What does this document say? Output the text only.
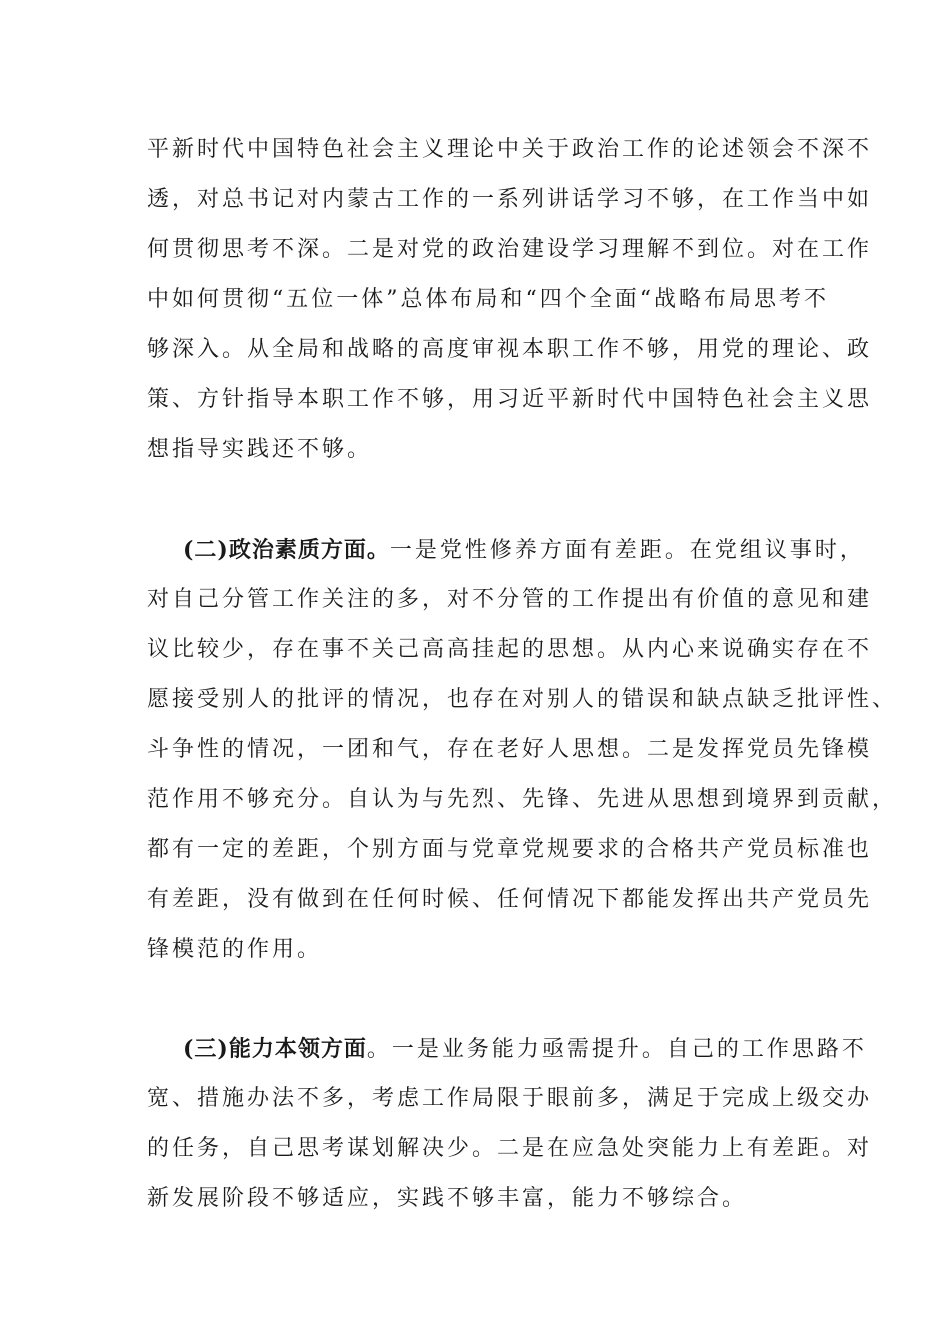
平新时代中国特色社会主义理论中关于政治工作的论述领会不深不
透，对总书记对内蒙古工作的一系列讲话学习不够，在工作当中如
何贯彻思考不深。二是对党的政治建设学习理解不到位。对在工作
中如何贯彻“五位一体”总体布局和“四个全面“战略布局思考不
够深入。从全局和战略的高度审视本职工作不够，用党的理论、政
策、方针指导本职工作不够，用习近平新时代中国特色社会主义思
想指导实践还不够。
(二)政治素质方面。一是党性修养方面有差距。在党组议事时，
对自己分管工作关注的多，对不分管的工作提出有价值的意见和建
议比较少，存在事不关己高高挂起的思想。从内心来说确实存在不
愿接受别人的批评的情况，也存在对别人的错误和缺点缺乏批评性、
斗争性的情况，一团和气，存在老好人思想。二是发挥党员先锋模
范作用不够充分。自认为与先烈、先锋、先进从思想到境界到贡献，
都有一定的差距，个别方面与党章党规要求的合格共产党员标准也
有差距，没有做到在任何时候、任何情况下都能发挥出共产党员先
锋模范的作用。
(三)能力本领方面。一是业务能力亟需提升。自己的工作思路不
宽、措施办法不多，考虑工作局限于眼前多，满足于完成上级交办
的任务，自己思考谋划解决少。二是在应急处突能力上有差距。对
新发展阶段不够适应，实践不够丰富，能力不够综合。
